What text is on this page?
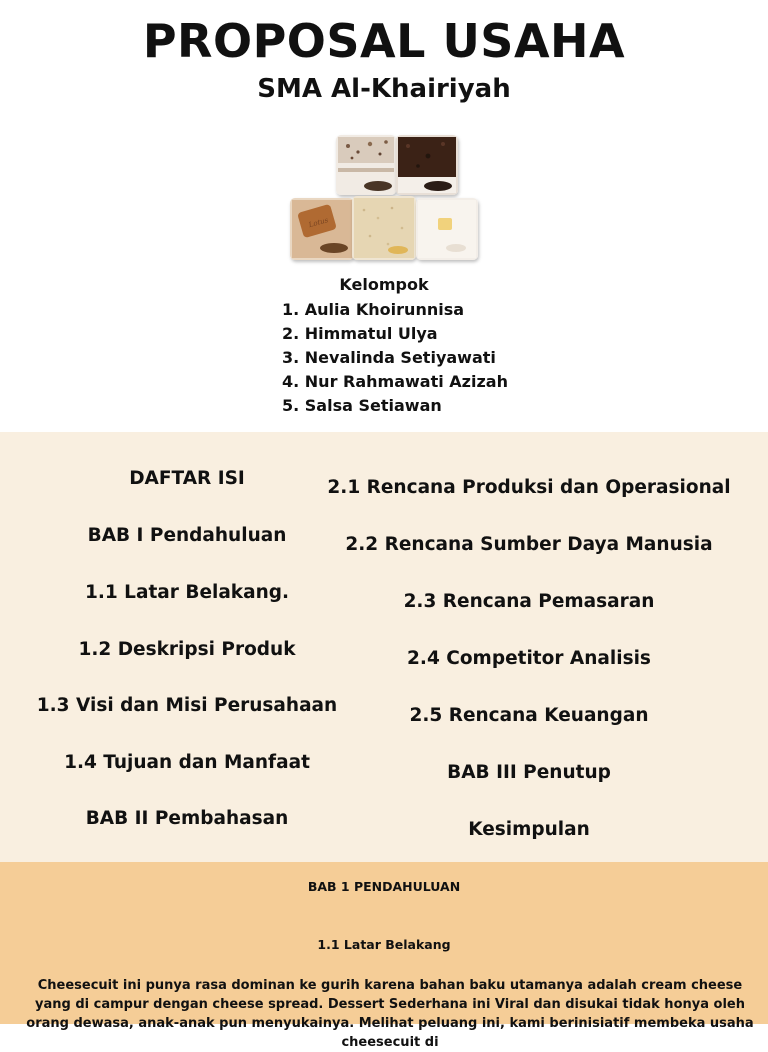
PROPOSAL USAHA
SMA Al-Khairiyah
Lotus
Kelompok
1. Aulia Khoirunnisa
2. Himmatul Ulya
3. Nevalinda Setiyawati
4. Nur Rahmawati Azizah
5. Salsa Setiawan
DAFTAR ISI
BAB I Pendahuluan
1.1 Latar Belakang.
1.2 Deskripsi Produk
1.3 Visi dan Misi Perusahaan
1.4 Tujuan dan Manfaat
BAB II Pembahasan
2.1 Rencana Produksi dan Operasional
2.2 Rencana Sumber Daya Manusia
2.3 Rencana Pemasaran
2.4 Competitor Analisis
2.5 Rencana Keuangan
BAB III Penutup
Kesimpulan
BAB 1 PENDAHULUAN
1.1 Latar Belakang

Cheesecuit ini punya rasa dominan ke gurih karena bahan baku utamanya adalah cream cheese yang di campur dengan cheese spread. Dessert Sederhana ini Viral dan disukai tidak honya oleh orang dewasa, anak-anak pun menyukainya. Melihat peluang ini, kami berinisiatif membeka usaha cheesecuit di
